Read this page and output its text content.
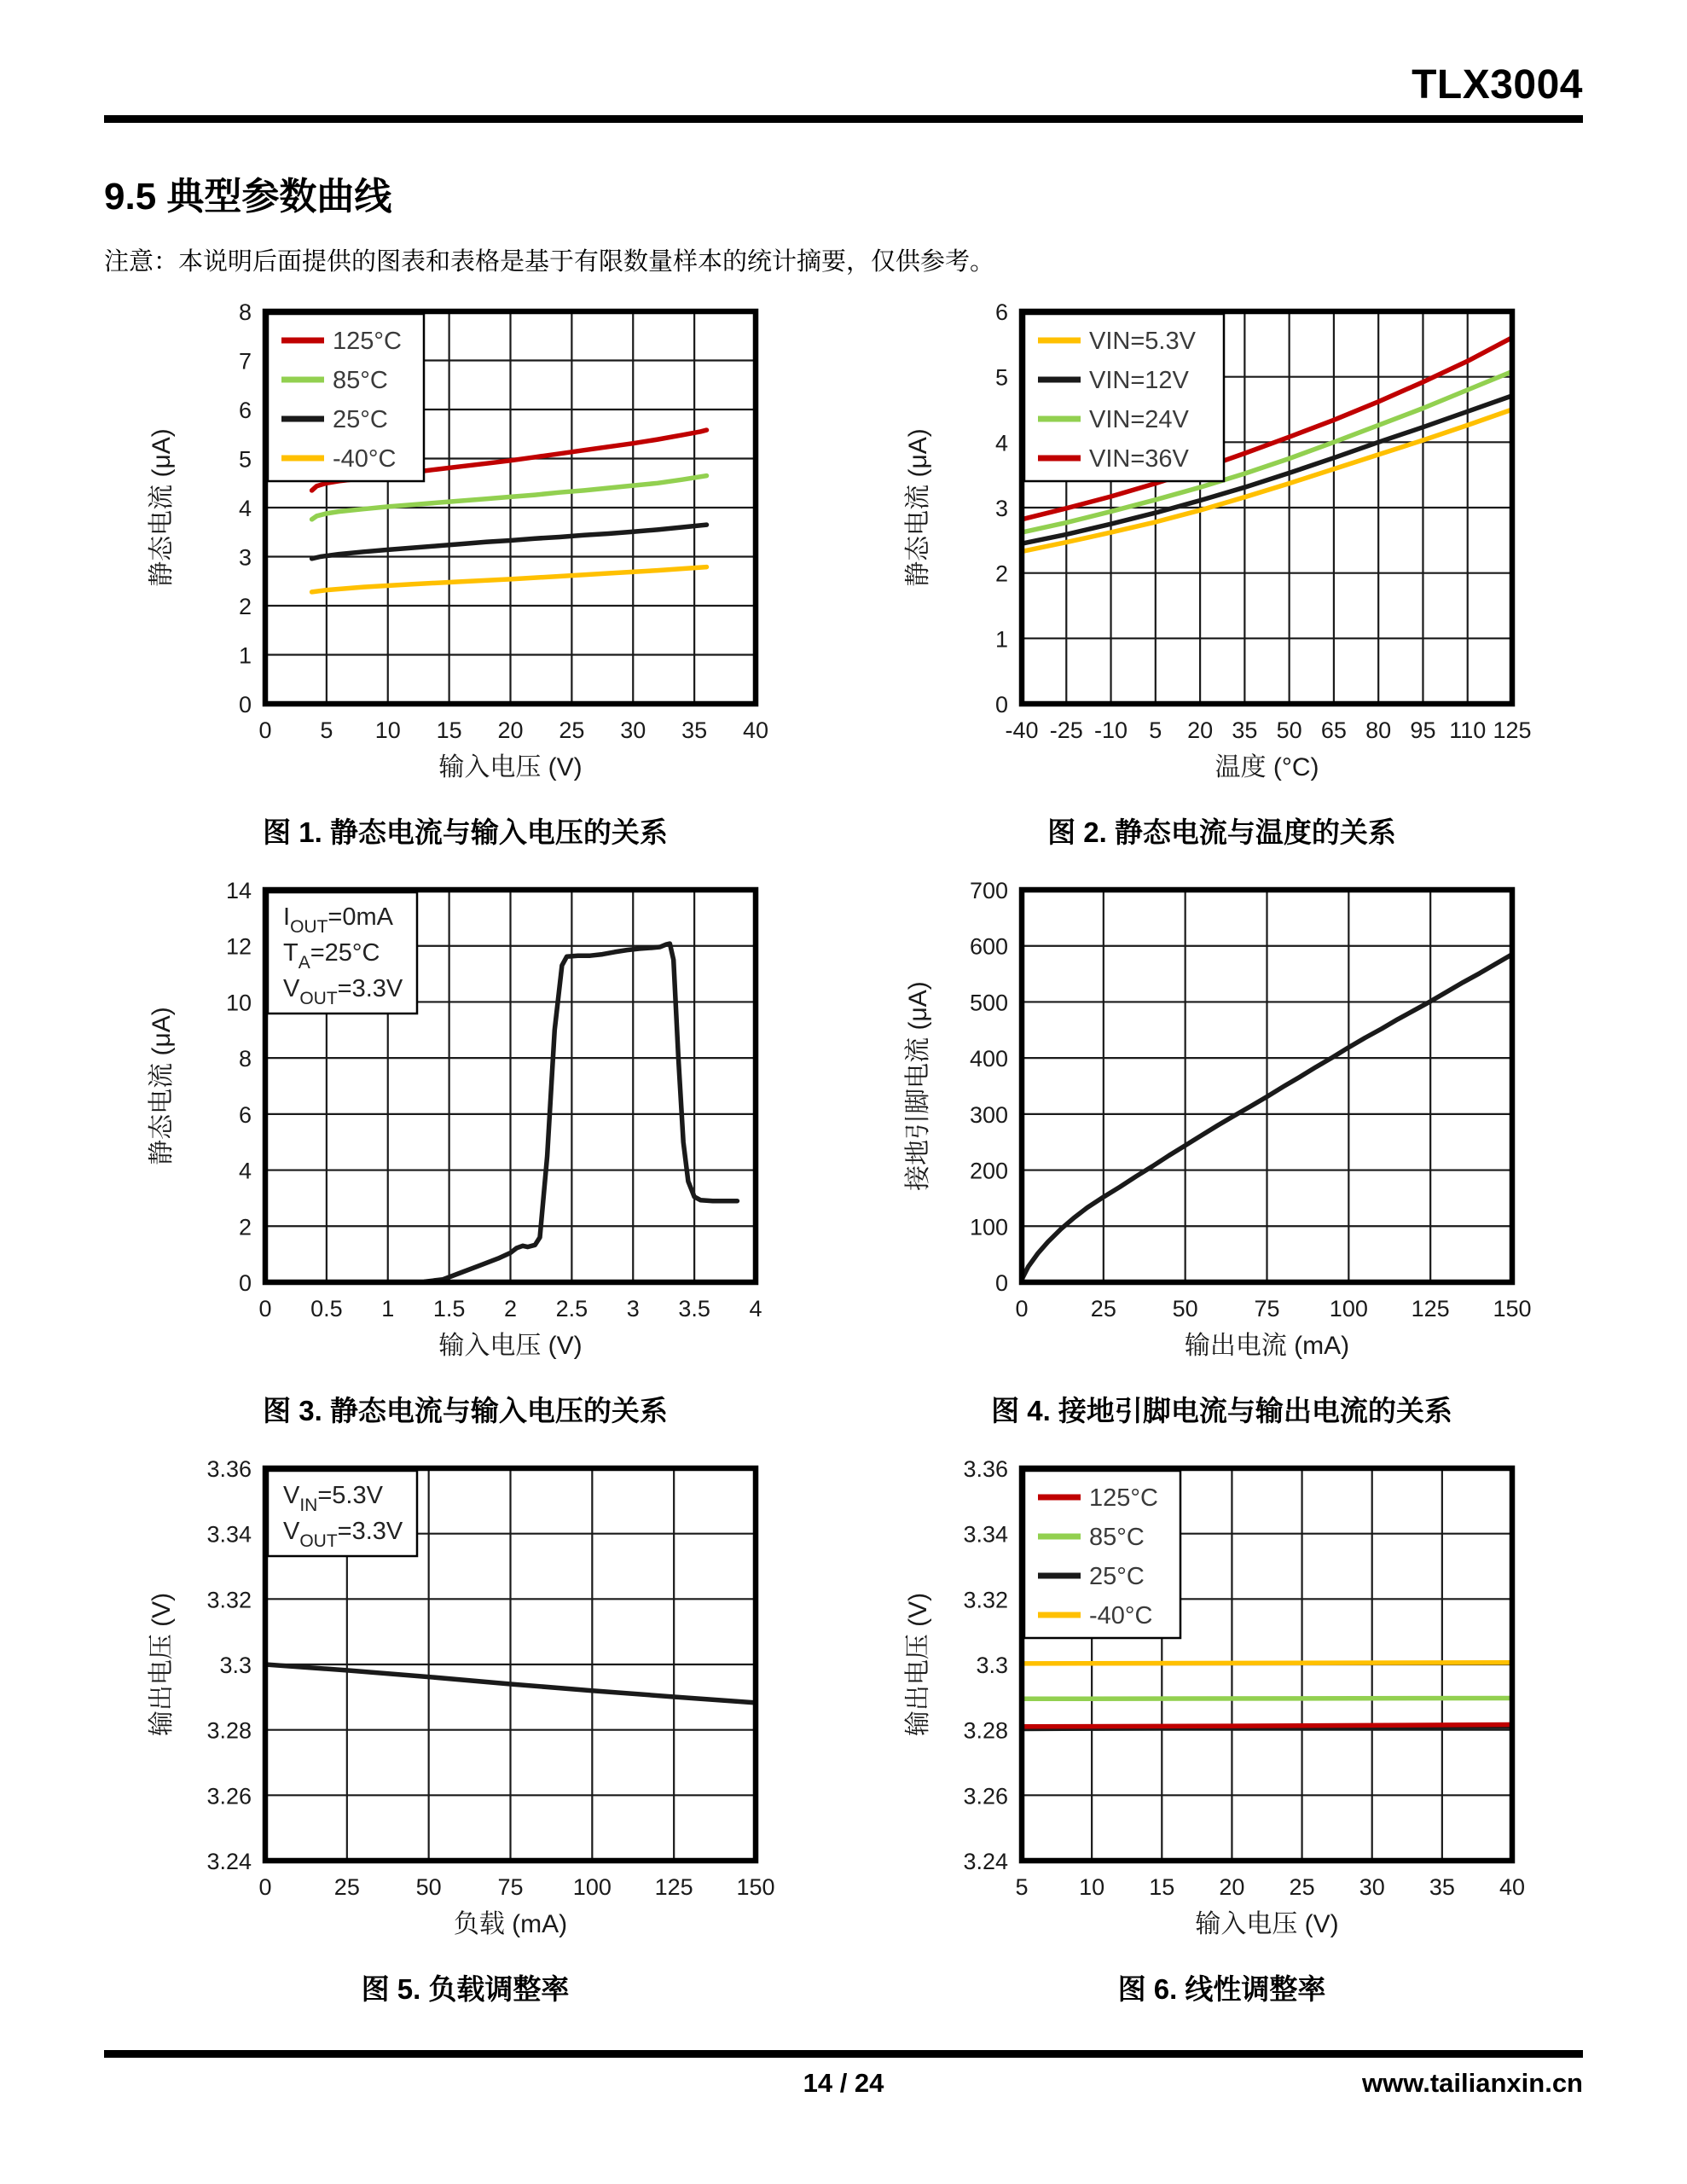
TLX3004
9.5 典型参数曲线
注意：本说明后面提供的图表和表格是基于有限数量样本的统计摘要，仅供参考。
125°C
85°C
25°C
-40°C
0 5 10 15 20 25 30 35 40
0
1
2
3
4
5
6
7
8
输入电压 (V)
静态电流 (μA)
图 1. 静态电流与输入电压的关系
VIN=5.3V
VIN=12V
VIN=24V
VIN=36V
-40 -25 -10 5 20 35 50 65 80 95 110 125
0
1
2
3
4
5
6
温度 (°C)
静态电流 (μA)
图 2. 静态电流与温度的关系
$I_{OUT}=0mA$
$T_A=25^\circ C$
$V_{OUT}=3.3V$
0 0.5 1 1.5 2 2.5 3 3.5 4
0
2
4
6
8
10
12
14
输入电压 (V)
静态电流 (μA)
图 3. 静态电流与输入电压的关系
0	25 50 75 100 125 150
0
100
200
300
400
500
600
700
输出电流 (mA)
接地引脚电流 (μA)
图 4. 接地引脚电流与输出电流的关系
$V_{IN}=5.3V$
$V_{OUT}=3.3V$
0	25 50 75 100 125 150
3.24
3.26
3.28
3.3
3.32
3.34
3.36
负载 (mA)
输出电压 (V)
图 5. 负载调整率
125°C
85°C
25°C
-40°C
5 10 15 20 25 30 35 40
3.24
3.26
3.28
3.3
3.32
3.34
3.36
输入电压 (V)
输出电压 (V)
图 6. 线性调整率
14 / 24	www.tailianxin.cn
